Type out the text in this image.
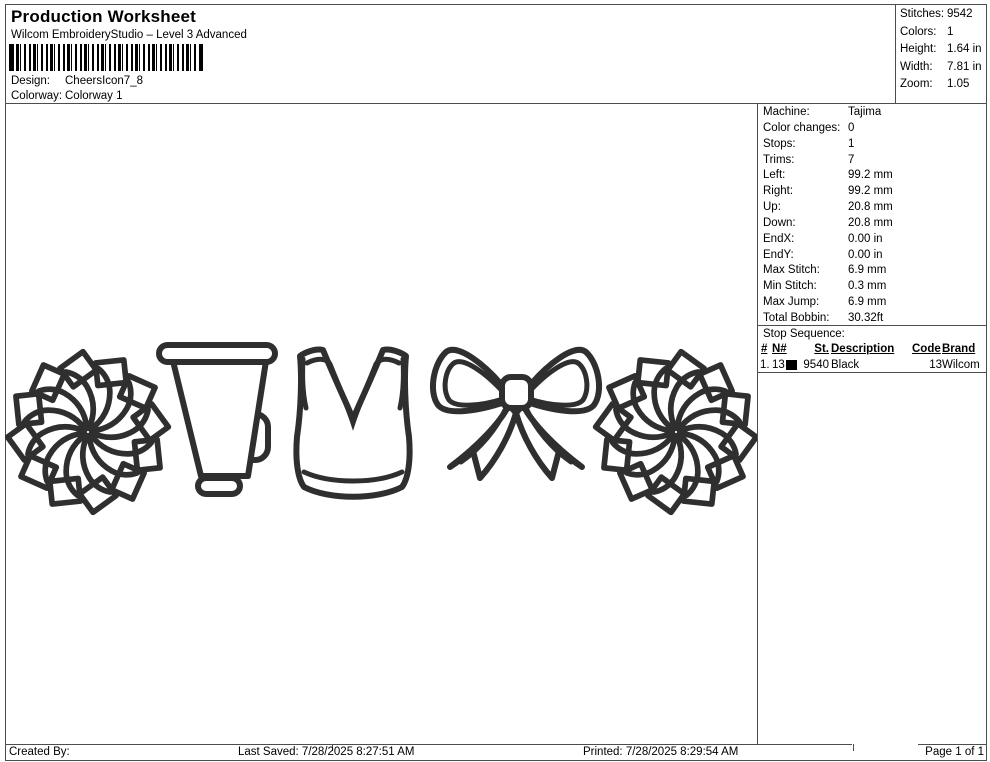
Production Worksheet
Wilcom EmbroideryStudio – Level 3 Advanced
Design: CheersIcon7_8
Colorway: Colorway 1
Stitches: 9542
Colors: 1
Height: 1.64 in
Width:	7.81 in
Zoom:	1.05
Machine:	Tajima
Color changes: 0
Stops:	1
Trims:	7
Left:	99.2 mm
Right:	99.2 mm
Up:	20.8 mm
Down:	20.8 mm
EndX:	0.00 in
EndY:	0.00 in
Max Stitch:	6.9 mm
Min Stitch:	0.3 mm
Max Jump:	6.9 mm
Total Bobbin:	30.32ft
Stop Sequence:
# N#	St. Description Code Brand
1. 13	9540 Black	13 Wilcom
Created By:	Last Saved: 7/28/2025 8:27:51 AM	Printed: 7/28/2025 8:29:54 AM	Page 1 of 1
